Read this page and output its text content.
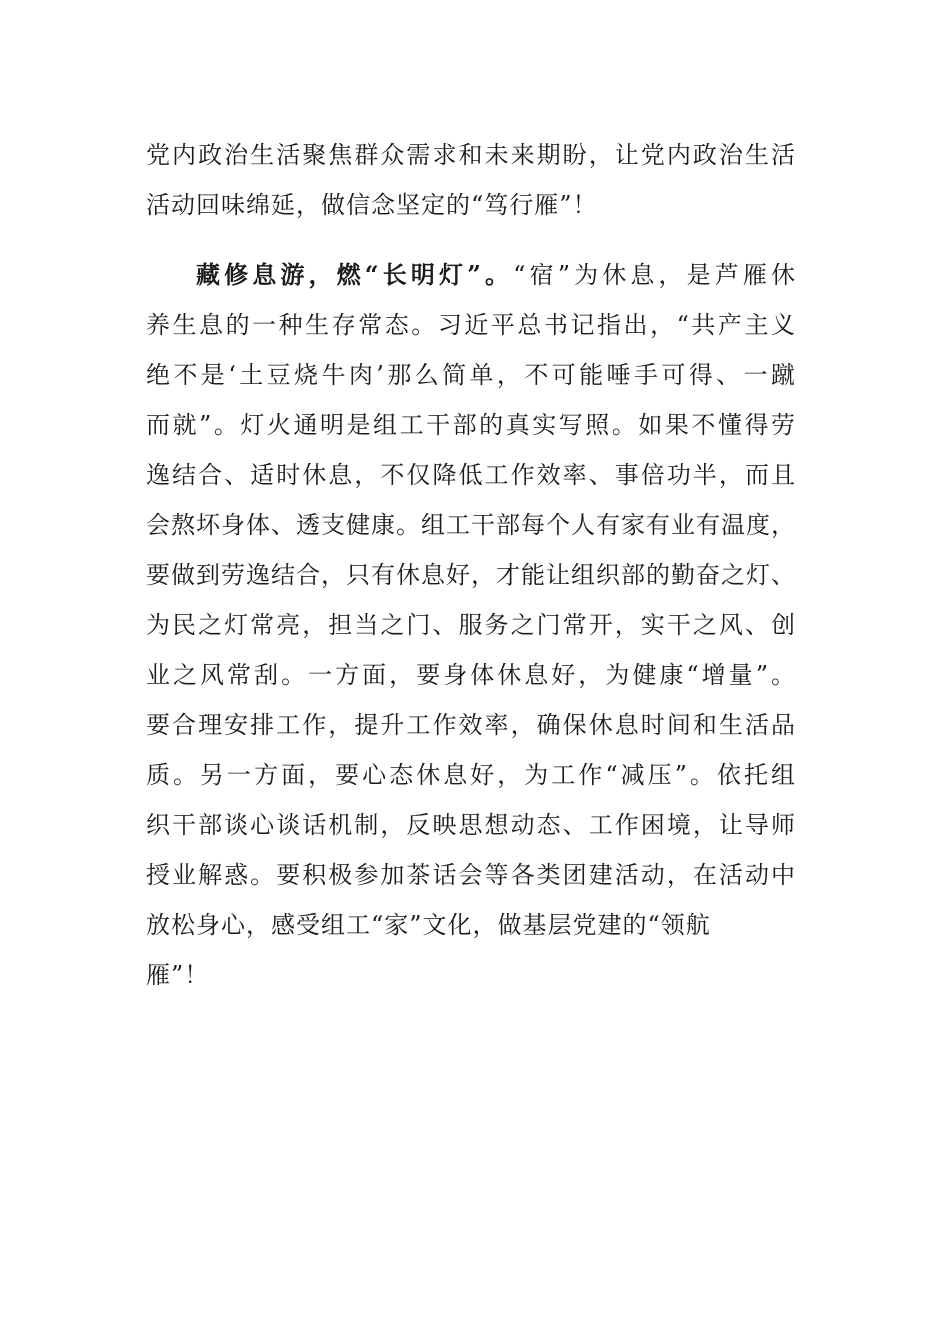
党内政治生活聚焦群众需求和未来期盼，让党内政治生活
活动回味绵延，做信念坚定的“笃行雁”！
藏修息游，燃“长明灯”。“宿”为休息，是芦雁休
养生息的一种生存常态。习近平总书记指出，“共产主义
绝不是‘土豆烧牛肉’那么简单，不可能唾手可得、一蹴
而就”。灯火通明是组工干部的真实写照。如果不懂得劳
逸结合、适时休息，不仅降低工作效率、事倍功半，而且
会熬坏身体、透支健康。组工干部每个人有家有业有温度，
要做到劳逸结合，只有休息好，才能让组织部的勤奋之灯、
为民之灯常亮，担当之门、服务之门常开，实干之风、创
业之风常刮。一方面，要身体休息好，为健康“增量”。
要合理安排工作，提升工作效率，确保休息时间和生活品
质。另一方面，要心态休息好，为工作“减压”。依托组
织干部谈心谈话机制，反映思想动态、工作困境，让导师
授业解惑。要积极参加茶话会等各类团建活动，在活动中
放松身心，感受组工“家”文化，做基层党建的“领航
雁”！
